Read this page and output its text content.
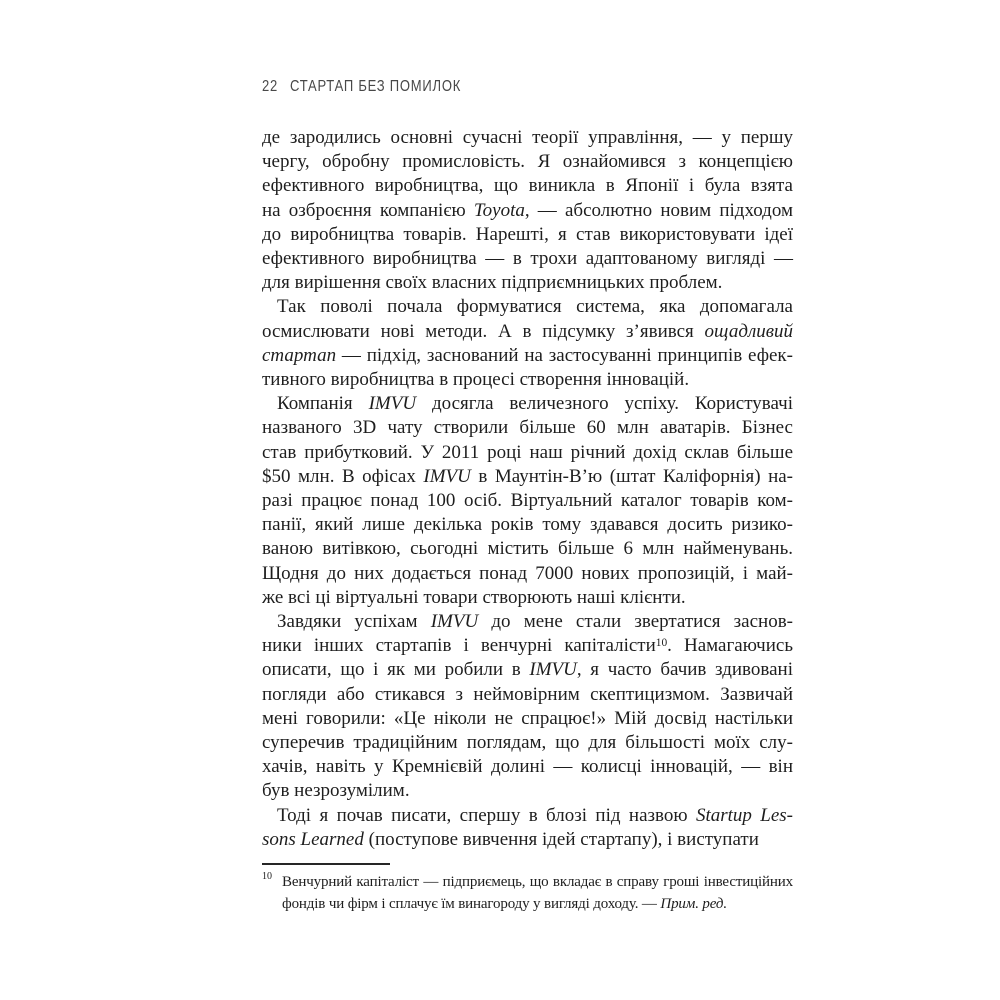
22 СТАРТАП БЕЗ ПОМИЛОК
де зародились основні сучасні теорії управління, — у першу
чергу, обробну промисловість. Я ознайомився з концепцією
ефективного виробництва, що виникла в Японії і була взята
на озброєння компанією Toyota, — абсолютно новим підходом
до виробництва товарів. Нарешті, я став використовувати ідеї
ефективного виробництва — в трохи адаптованому вигляді —
для вирішення своїх власних підприємницьких проблем.
Так поволі почала формуватися система, яка допомагала
осмислювати нові методи. А в підсумку з’явився ощадливий
стартап — підхід, заснований на застосуванні принципів ефек-
тивного виробництва в процесі створення інновацій.
Компанія IMVU досягла величезного успіху. Користувачі
названого 3D чату створили більше 60 млн аватарів. Бізнес
став прибутковий. У 2011 році наш річний дохід склав більше
$50 млн. В офісах IMVU в Маунтін-В’ю (штат Каліфорнія) на-
разі працює понад 100 осіб. Віртуальний каталог товарів ком-
панії, який лише декілька років тому здавався досить ризико-
ваною витівкою, сьогодні містить більше 6 млн найменувань.
Щодня до них додається понад 7000 нових пропозицій, і май-
же всі ці віртуальні товари створюють наші клієнти.
Завдяки успіхам IMVU до мене стали звертатися заснов-
ники інших стартапів і венчурні капіталісти$^{10}$. Намагаючись
описати, що і як ми робили в IMVU, я часто бачив здивовані
погляди або стикався з неймовірним скептицизмом. Зазвичай
мені говорили: «Це ніколи не спрацює!» Мій досвід настільки
суперечив традиційним поглядам, що для більшості моїх слу-
хачів, навіть у Кремнієвій долині — колисці інновацій, — він
був незрозумілим.
Тоді я почав писати, спершу в блозі під назвою Startup Les-
sons Learned (поступове вивчення ідей стартапу), і виступати
10 Венчурний капіталіст — підприємець, що вкладає в справу гроші інвестиційних
фондів чи фірм і сплачує їм винагороду у вигляді доходу. — Прим. ред.
